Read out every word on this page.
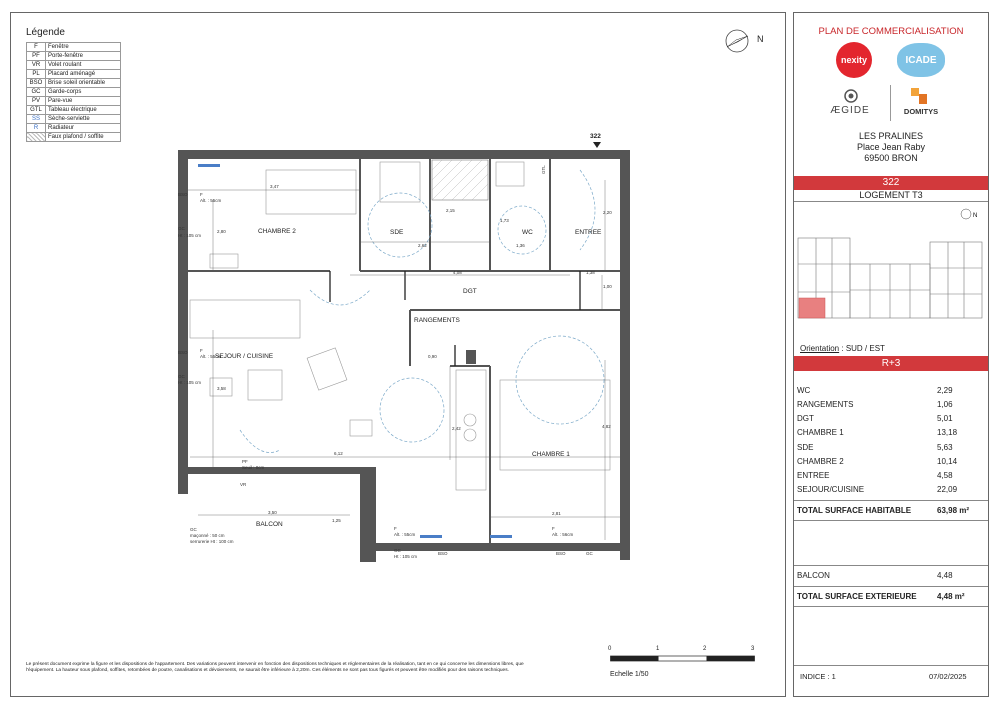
Légende
F	Fenêtre
PF	Porte-fenêtre
VR	Volet roulant
PL	Placard aménagé
BSO	Brise soleil orientable
GC	Garde-corps
PV	Pare-vue
GTL	Tableau électrique
SS	Sèche-serviette
R	Radiateur
	Faux plafond / soffite
N
322
CHAMBRE 2	SDE	WC	ENTREE
DGT
RANGEMENTS
SEJOUR / CUISINE
CHAMBRE 1
BALCON
3,47
2,80
2,62
2,15
1,73
1,36
2,20
4,08	1,38
1,00
0,90
3,58
6,12
2,42	4,82
2,81
3,50
1,25
BSO	F
Alt. : 55cm
GC
Ht : 105 cm
BSO	F
Alt. : 55cm
GC
Ht : 105 cm
PF
Seuil : 0cm
VR
GC
maçonné : 50 cm
serrurerie Ht : 100 cm
GTL
F
Alt. : 55cm
GC
Ht : 105 cm
BSO
F
Alt. : 56cm
BSO	GC
Le présent document exprime la figure et les dispositions de l'appartement. Des variations peuvent intervenir en fonction des dispositions techniques et réglementaires de la réalisation, tant en ce qui concerne les dimensions libres, que l'équipement. La hauteur sous plafond, soffites, retombées de poutre, canalisations et dévoiements, ne saurait être inférieure à 2,20m. Ces éléments ne sont pas tous figurés et peuvent être modifiés pour des raisons techniques.
0	1	2	3
Echelle 1/50
PLAN DE COMMERCIALISATION
nexity	ICADE
ÆGIDE	DOMITYS
LES PRALINES
Place Jean Raby
69500 BRON
322
LOGEMENT T3
N
Orientation : SUD / EST
R+3
WC	2,29
RANGEMENTS	1,06
DGT	5,01
CHAMBRE 1	13,18
SDE	5,63
CHAMBRE 2	10,14
ENTREE	4,58
SEJOUR/CUISINE	22,09
TOTAL SURFACE HABITABLE	63,98 m²
BALCON	4,48
TOTAL SURFACE EXTERIEURE	4,48 m²
INDICE : 1	07/02/2025
